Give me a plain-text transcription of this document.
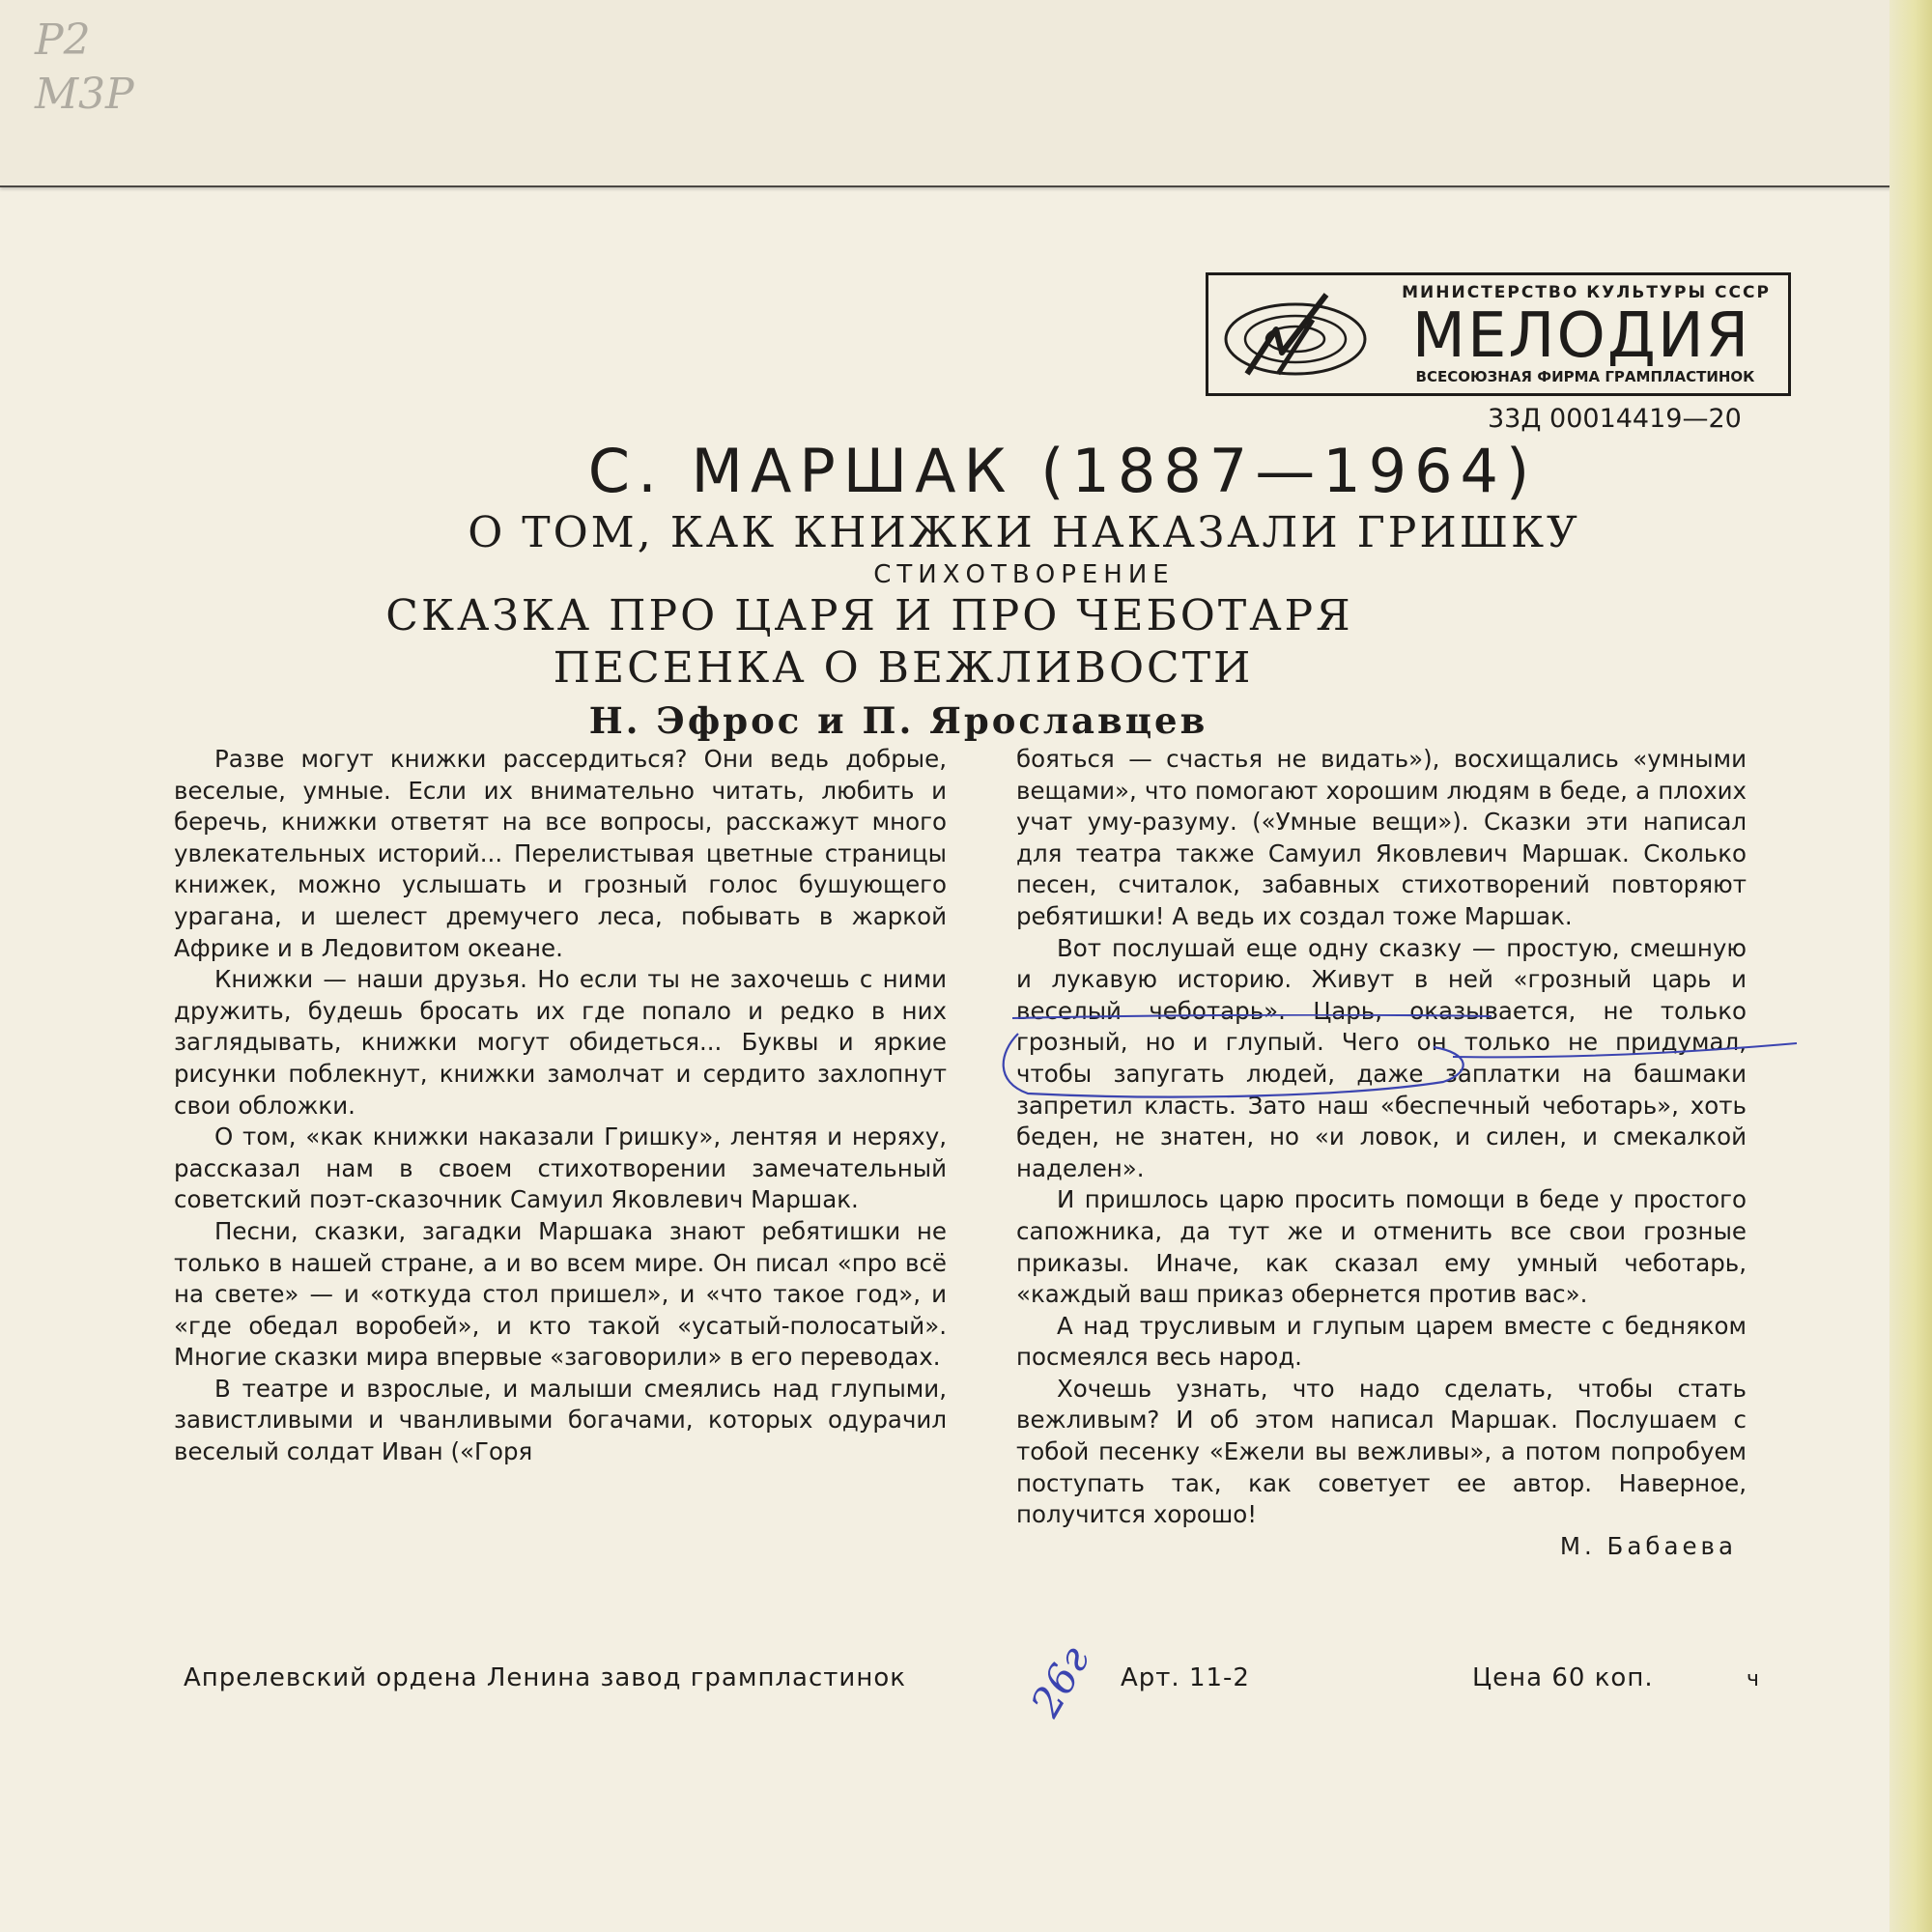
Р2
М3Р
МИНИСТЕРСТВО КУЛЬТУРЫ СССР
МЕЛОДИЯ
ВСЕСОЮЗНАЯ ФИРМА ГРАМПЛАСТИНОК
33Д 00014419—20
С. МАРШАК (1887—1964)
О ТОМ, КАК КНИЖКИ НАКАЗАЛИ ГРИШКУ
СТИХОТВОРЕНИЕ
СКАЗКА ПРО ЦАРЯ И ПРО ЧЕБОТАРЯ
ПЕСЕНКА О ВЕЖЛИВОСТИ
Н. Эфрос и П. Ярославцев

Разве могут книжки рассердиться? Они ведь добрые, веселые, умные. Если их внимательно читать, любить и беречь, книжки ответят на все вопросы, расскажут много увлекательных историй... Перелистывая цветные страницы книжек, можно услышать и грозный голос бушующего урагана, и шелест дремучего леса, побывать в жаркой Африке и в Ледовитом океане.

Книжки — наши друзья. Но если ты не захочешь с ними дружить, будешь бросать их где попало и редко в них заглядывать, книжки могут обидеться... Буквы и яркие рисунки поблекнут, книжки замолчат и сердито захлопнут свои обложки.

О том, «как книжки наказали Гришку», лентяя и неряху, рассказал нам в своем стихотворении замечательный советский поэт-сказочник Самуил Яковлевич Маршак.

Песни, сказки, загадки Маршака знают ребятишки не только в нашей стране, а и во всем мире. Он писал «про всё на свете» — и «откуда стол пришел», и «что такое год», и «где обедал воробей», и кто такой «усатый-полосатый». Многие сказки мира впервые «заговорили» в его переводах.

В театре и взрослые, и малыши смеялись над глупыми, завистливыми и чванливыми богачами, которых одурачил веселый солдат Иван («Горя

бояться — счастья не видать»), восхищались «умными вещами», что помогают хорошим людям в беде, а плохих учат уму-разуму. («Умные вещи»). Сказки эти написал для театра также Самуил Яковлевич Маршак. Сколько песен, считалок, забавных стихотворений повторяют ребятишки! А ведь их создал тоже Маршак.

Вот послушай еще одну сказку — простую, смешную и лукавую историю. Живут в ней «грозный царь и веселый чеботарь». Царь, оказывается, не только грозный, но и глупый. Чего он только не придумал, чтобы запугать людей, даже заплатки на башмаки запретил класть. Зато наш «беспечный чеботарь», хоть беден, не знатен, но «и ловок, и силен, и смекалкой наделен».

И пришлось царю просить помощи в беде у простого сапожника, да тут же и отменить все свои грозные приказы. Иначе, как сказал ему умный чеботарь, «каждый ваш приказ обернется против вас».

А над трусливым и глупым царем вместе с бедняком посмеялся весь народ.

Хочешь узнать, что надо сделать, чтобы стать вежливым? И об этом написал Маршак. Послушаем с тобой песенку «Ежели вы вежливы», а потом попробуем поступать так, как советует ее автор. Наверное, получится хорошо!

М. Бабаева
26г
Апрелевский ордена Ленина завод грампластинок	Арт. 11-2	Цена 60 коп.	ч
